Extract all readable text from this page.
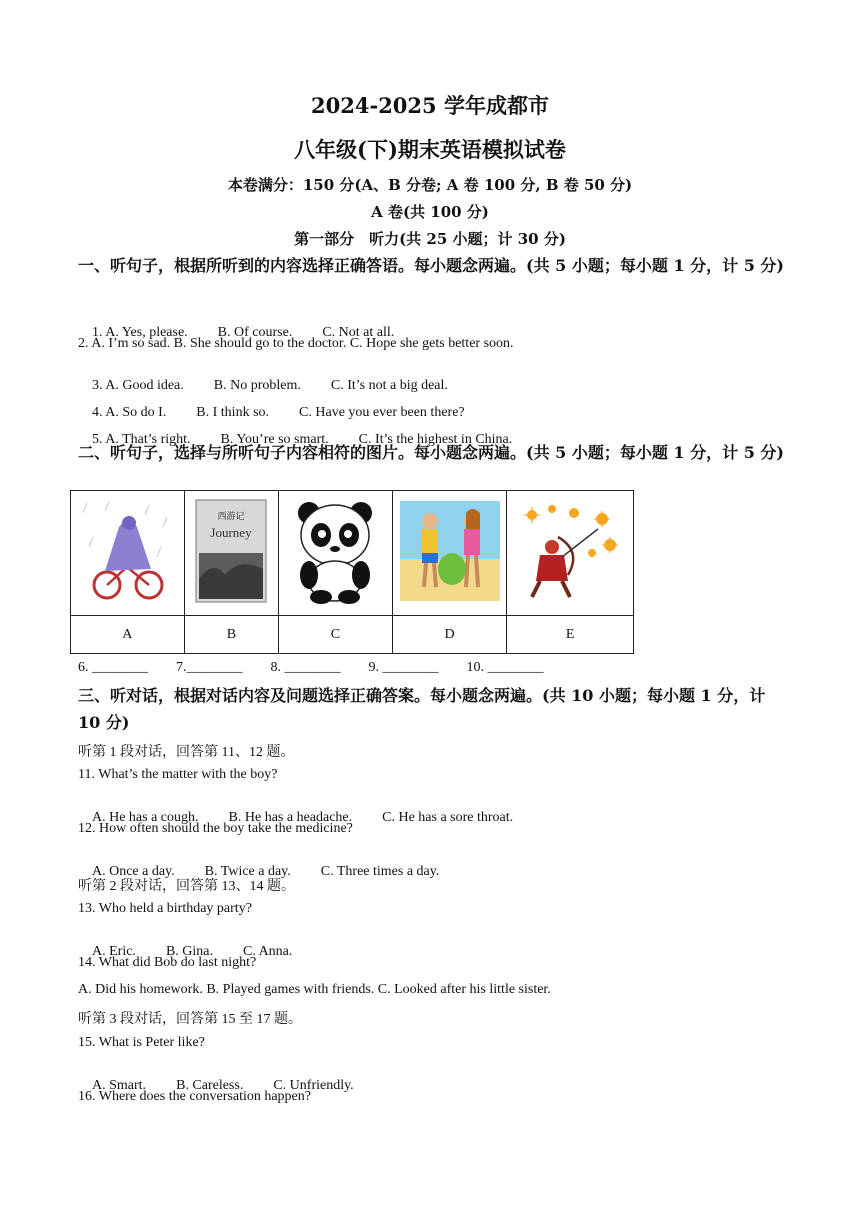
2024-2025 学年成都市
八年级(下)期末英语模拟试卷
本卷满分：150 分(A、B 分卷; A 卷 100 分, B 卷 50 分)
A 卷(共 100 分)
第一部分　听力(共 25 小题；计 30 分)
一、听句子，根据所听到的内容选择正确答语。每小题念两遍。(共 5 小题；每小题 1 分，计 5 分)

1. A. Yes, please. B. Of course. C. Not at all.

2. A. I’m so sad. B. She should go to the doctor. C. Hope she gets better soon.

3. A. Good idea. B. No problem. C. It’s not a big deal.

4. A. So do I. B. I think so. C. Have you ever been there?

5. A. That’s right. B. You’re so smart. C. It’s the highest in China.

二、听句子，选择与所听句子内容相符的图片。每小题念两遍。(共 5 小题；每小题 1 分，计 5 分)

西游记
Journey

A	B	C	D	E
6. ________ 7.________ 8. ________ 9. ________ 10. ________
三、听对话，根据对话内容及问题选择正确答案。每小题念两遍。(共 10 小题；每小题 1 分，计 10 分)
听第 1 段对话，回答第 11、12 题。
11. What’s the matter with the boy?

A. He has a cough. B. He has a headache. C. He has a sore throat.

12. How often should the boy take the medicine?

A. Once a day. B. Twice a day. C. Three times a day.

听第 2 段对话，回答第 13、14 题。
13. Who held a birthday party?

A. Eric. B. Gina. C. Anna.

14. What did Bob do last night?
A. Did his homework. B. Played games with friends. C. Looked after his little sister.
听第 3 段对话，回答第 15 至 17 题。
15. What is Peter like?

A. Smart. B. Careless. C. Unfriendly.

16. Where does the conversation happen?
